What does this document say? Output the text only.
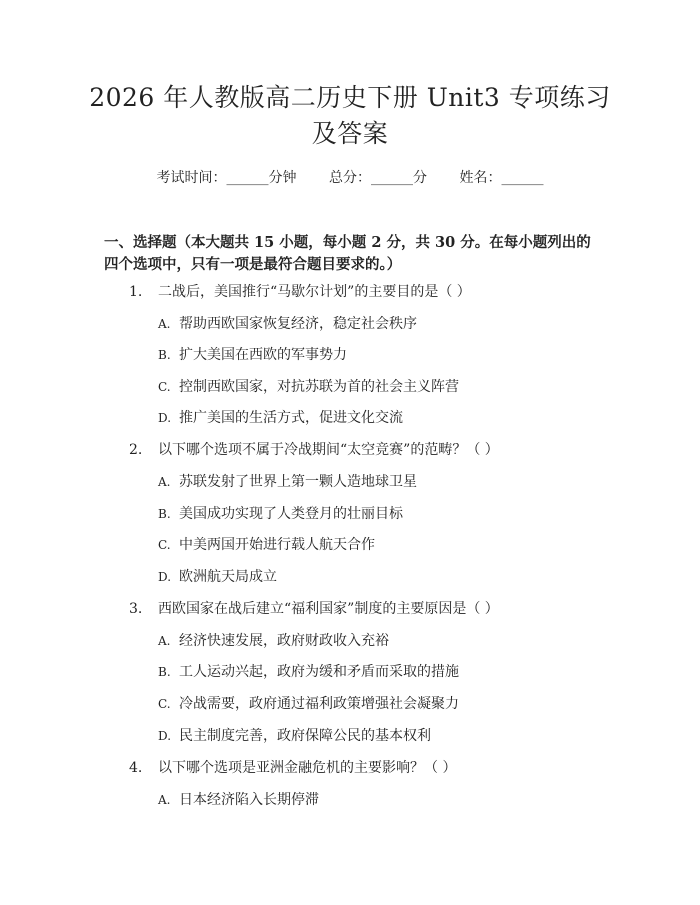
2026 年人教版高二历史下册 Unit3 专项练习
及答案
考试时间：______分钟 总分：______分 姓名：______
一、选择题（本大题共 15 小题，每小题 2 分，共 30 分。在每小题列出的四个选项中，只有一项是最符合题目要求的。）
1. 二战后，美国推行“马歇尔计划”的主要目的是（ ）
A. 帮助西欧国家恢复经济，稳定社会秩序
B. 扩大美国在西欧的军事势力
C. 控制西欧国家，对抗苏联为首的社会主义阵营
D. 推广美国的生活方式，促进文化交流
2. 以下哪个选项不属于冷战期间“太空竞赛”的范畴？（ ）
A. 苏联发射了世界上第一颗人造地球卫星
B. 美国成功实现了人类登月的壮丽目标
C. 中美两国开始进行载人航天合作
D. 欧洲航天局成立
3. 西欧国家在战后建立“福利国家”制度的主要原因是（ ）
A. 经济快速发展，政府财政收入充裕
B. 工人运动兴起，政府为缓和矛盾而采取的措施
C. 冷战需要，政府通过福利政策增强社会凝聚力
D. 民主制度完善，政府保障公民的基本权利
4. 以下哪个选项是亚洲金融危机的主要影响？（ ）
A. 日本经济陷入长期停滞
